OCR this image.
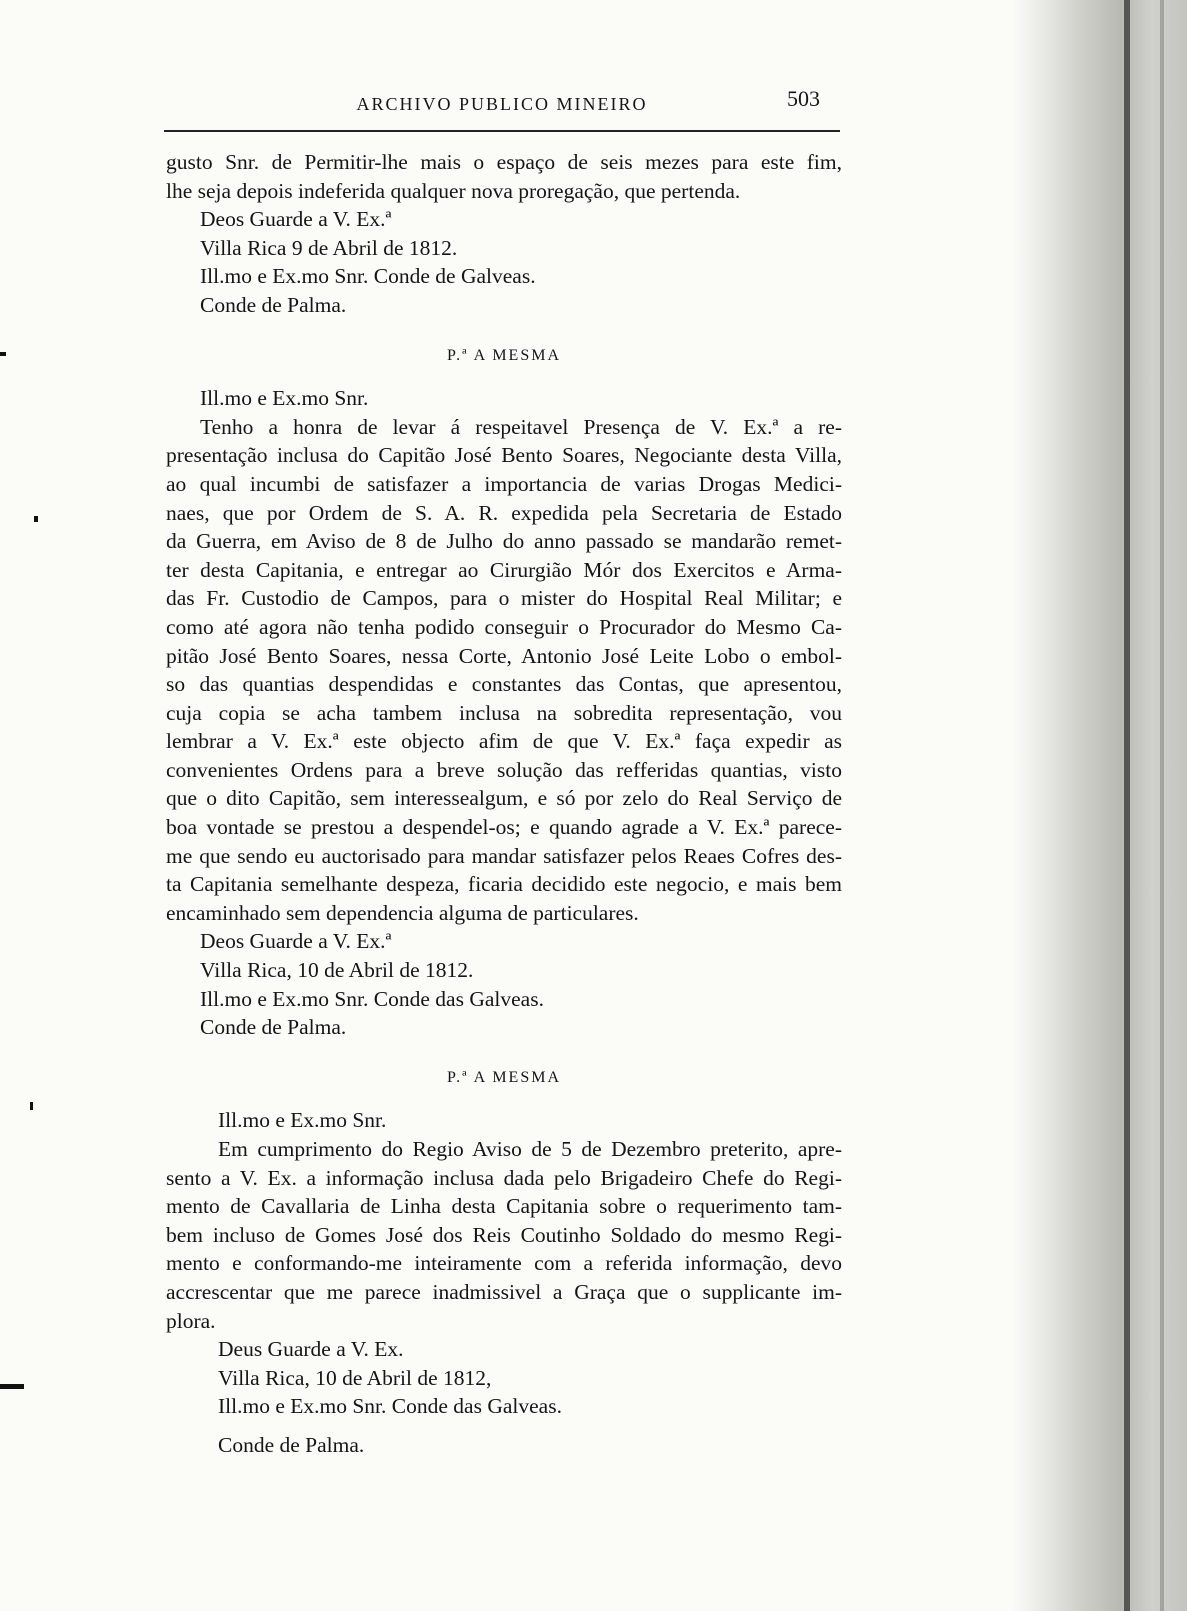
ARCHIVO PUBLICO MINEIRO	503

gusto Snr. de Permitir-lhe mais o espaço de seis mezes para este fim,

lhe seja depois indeferida qualquer nova proregação, que pertenda.

Deos Guarde a V. Ex.ª

Villa Rica 9 de Abril de 1812.

Ill.mo e Ex.mo Snr. Conde de Galveas.

Conde de Palma.

P.ª A MESMA

Ill.mo e Ex.mo Snr.

Tenho a honra de levar á respeitavel Presença de V. Ex.ª a re-

presentação inclusa do Capitão José Bento Soares, Negociante desta Villa,

ao qual incumbi de satisfazer a importancia de varias Drogas Medici-

naes, que por Ordem de S. A. R. expedida pela Secretaria de Estado

da Guerra, em Aviso de 8 de Julho do anno passado se mandarão remet-

ter desta Capitania, e entregar ao Cirurgião Mór dos Exercitos e Arma-

das Fr. Custodio de Campos, para o mister do Hospital Real Militar; e

como até agora não tenha podido conseguir o Procurador do Mesmo Ca-

pitão José Bento Soares, nessa Corte, Antonio José Leite Lobo o embol-

so das quantias despendidas e constantes das Contas, que apresentou,

cuja copia se acha tambem inclusa na sobredita representação, vou

lembrar a V. Ex.ª este objecto afim de que V. Ex.ª faça expedir as

convenientes Ordens para a breve solução das refferidas quantias, visto

que o dito Capitão, sem interessealgum, e só por zelo do Real Serviço de

boa vontade se prestou a despendel-os; e quando agrade a V. Ex.ª parece-

me que sendo eu auctorisado para mandar satisfazer pelos Reaes Cofres des-

ta Capitania semelhante despeza, ficaria decidido este negocio, e mais bem

encaminhado sem dependencia alguma de particulares.

Deos Guarde a V. Ex.ª

Villa Rica, 10 de Abril de 1812.

Ill.mo e Ex.mo Snr. Conde das Galveas.

Conde de Palma.

P.ª A MESMA

Ill.mo e Ex.mo Snr.

Em cumprimento do Regio Aviso de 5 de Dezembro preterito, apre-

sento a V. Ex. a informação inclusa dada pelo Brigadeiro Chefe do Regi-

mento de Cavallaria de Linha desta Capitania sobre o requerimento tam-

bem incluso de Gomes José dos Reis Coutinho Soldado do mesmo Regi-

mento e conformando-me inteiramente com a referida informação, devo

accrescentar que me parece inadmissivel a Graça que o supplicante im-

plora.

Deus Guarde a V. Ex.

Villa Rica, 10 de Abril de 1812,

Ill.mo e Ex.mo Snr. Conde das Galveas.

Conde de Palma.
